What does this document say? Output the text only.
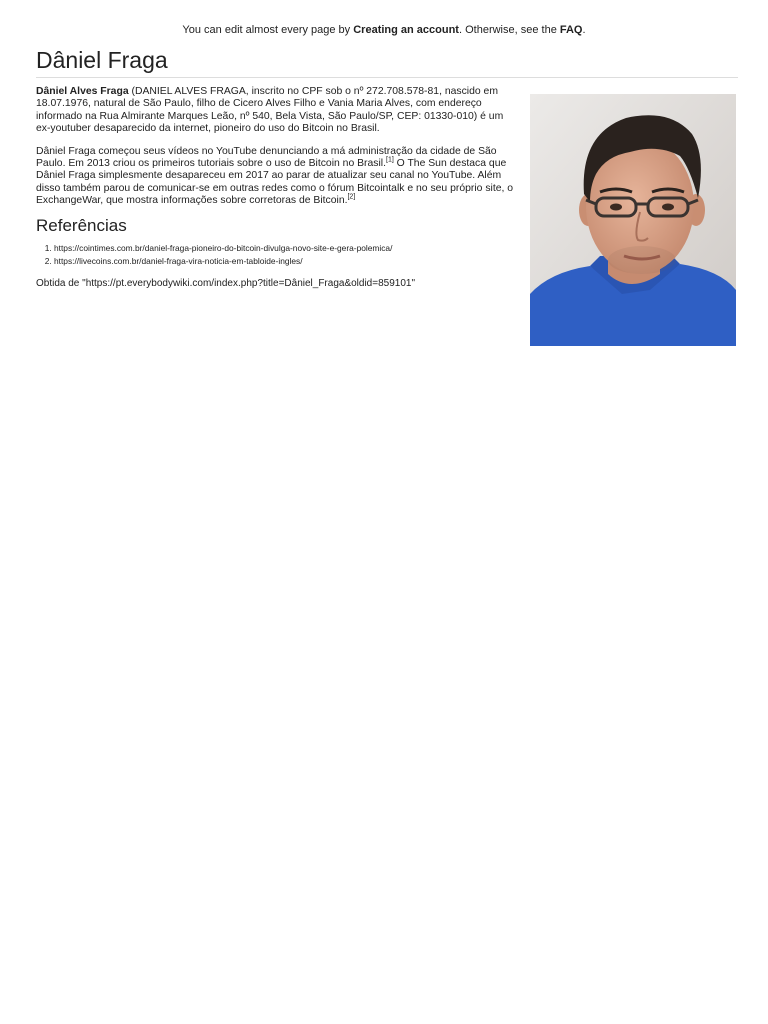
You can edit almost every page by Creating an account. Otherwise, see the FAQ.
Dâniel Fraga

Dâniel Alves Fraga (DANIEL ALVES FRAGA, inscrito no CPF sob o nº 272.708.578-81, nascido em 18.07.1976, natural de São Paulo, filho de Cicero Alves Filho e Vania Maria Alves, com endereço informado na Rua Almirante Marques Leão, nº 540, Bela Vista, São Paulo/SP, CEP: 01330-010) é um ex-youtuber desaparecido da internet, pioneiro do uso do Bitcoin no Brasil.

Dâniel Fraga começou seus vídeos no YouTube denunciando a má administração da cidade de São Paulo. Em 2013 criou os primeiros tutoriais sobre o uso de Bitcoin no Brasil.[1] O The Sun destaca que Dâniel Fraga simplesmente desapareceu em 2017 ao parar de atualizar seu canal no YouTube. Além disso também parou de comunicar-se em outras redes como o fórum Bitcointalk e no seu próprio site, o ExchangeWar, que mostra informações sobre corretoras de Bitcoin.[2]

Referências
1. https://cointimes.com.br/daniel-fraga-pioneiro-do-bitcoin-divulga-novo-site-e-gera-polemica/
2. https://livecoins.com.br/daniel-fraga-vira-noticia-em-tabloide-ingles/

Obtida de "https://pt.everybodywiki.com/index.php?title=Dâniel_Fraga&oldid=859101"
